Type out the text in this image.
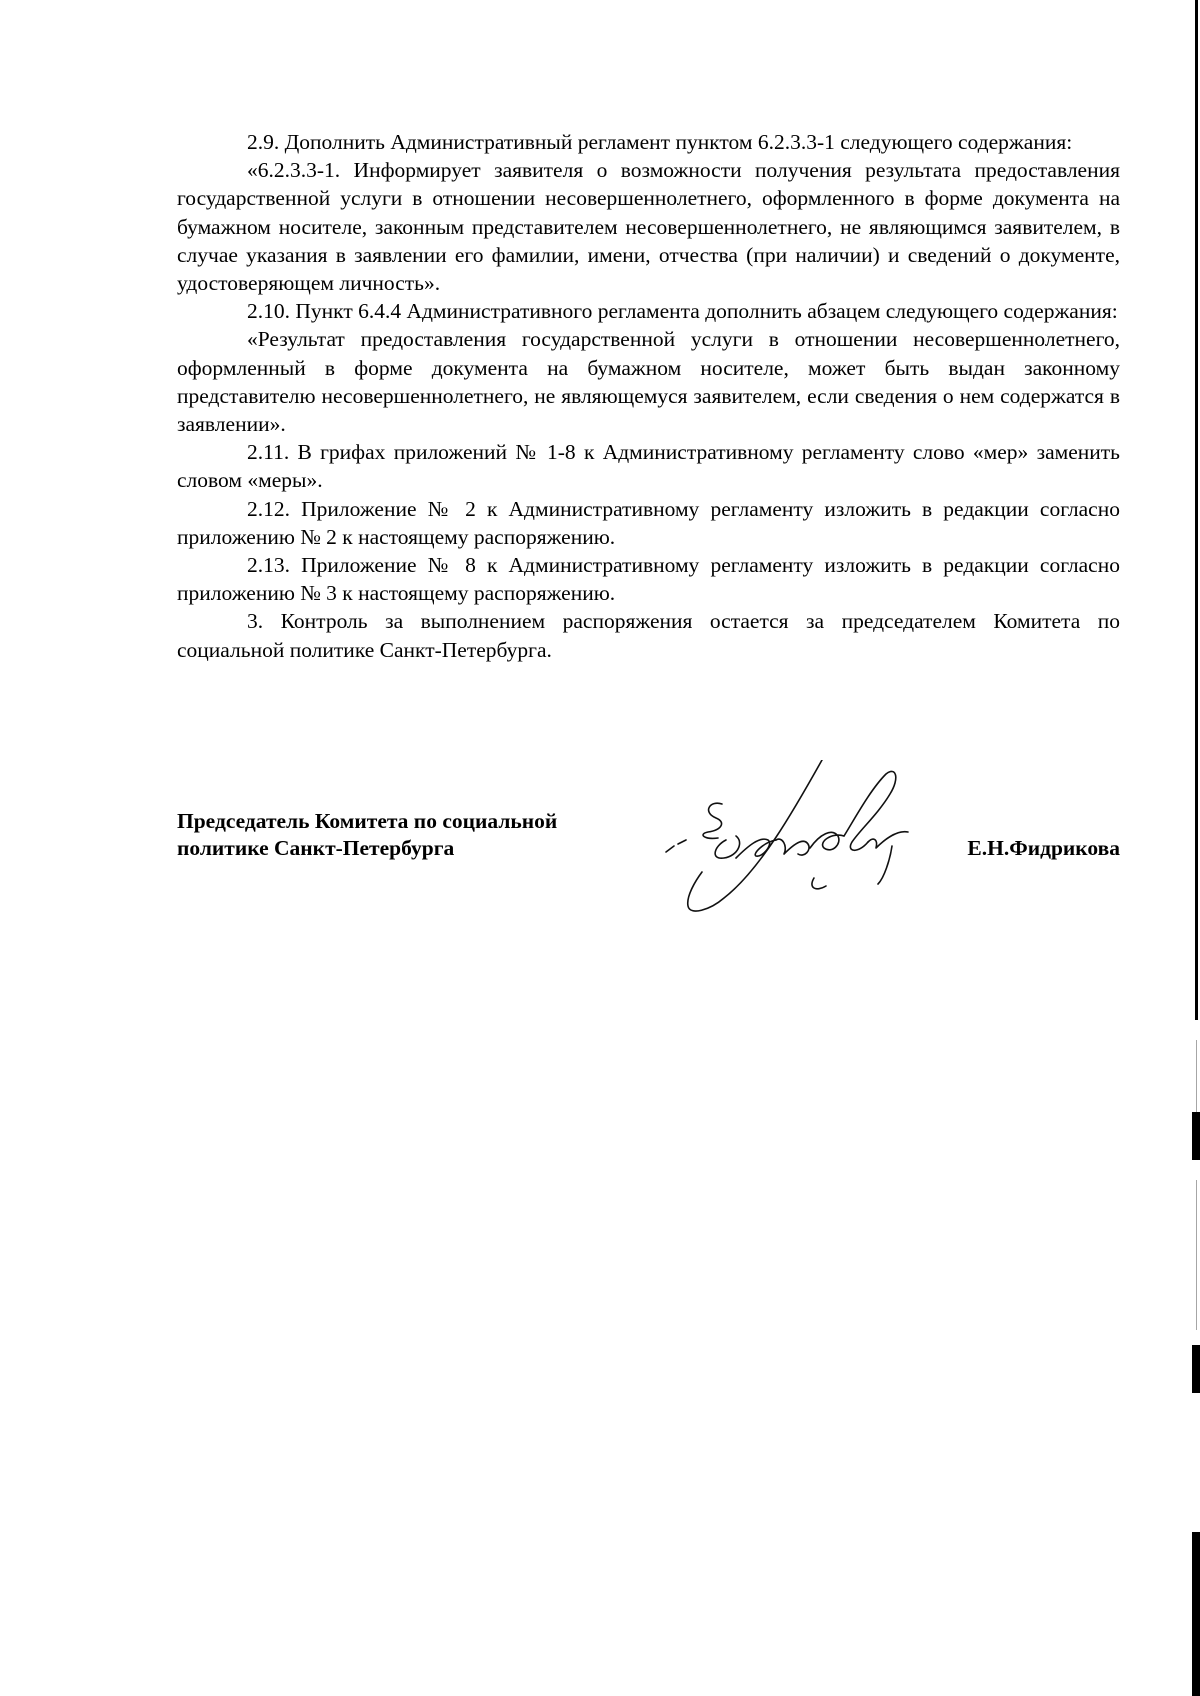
2.9. Дополнить Административный регламент пунктом 6.2.3.3-1 следующего содержания:

«6.2.3.3-1. Информирует заявителя о возможности получения результата предоставления государственной услуги в отношении несовершеннолетнего, оформленного в форме документа на бумажном носителе, законным представителем несовершеннолетнего, не являющимся заявителем, в случае указания в заявлении его фамилии, имени, отчества (при наличии) и сведений о документе, удостоверяющем личность».

2.10. Пункт 6.4.4 Административного регламента дополнить абзацем следующего содержания:

«Результат предоставления государственной услуги в отношении несовершеннолетнего, оформленный в форме документа на бумажном носителе, может быть выдан законному представителю несовершеннолетнего, не являющемуся заявителем, если сведения о нем содержатся в заявлении».

2.11. В грифах приложений № 1-8 к Административному регламенту слово «мер» заменить словом «меры».

2.12. Приложение № 2 к Административному регламенту изложить в редакции согласно приложению № 2 к настоящему распоряжению.

2.13. Приложение № 8 к Административному регламенту изложить в редакции согласно приложению № 3 к настоящему распоряжению.

3. Контроль за выполнением распоряжения остается за председателем Комитета по социальной политике Санкт-Петербурга.

Председатель Комитета по социальной
политике Санкт-Петербурга	Е.Н.Фидрикова
